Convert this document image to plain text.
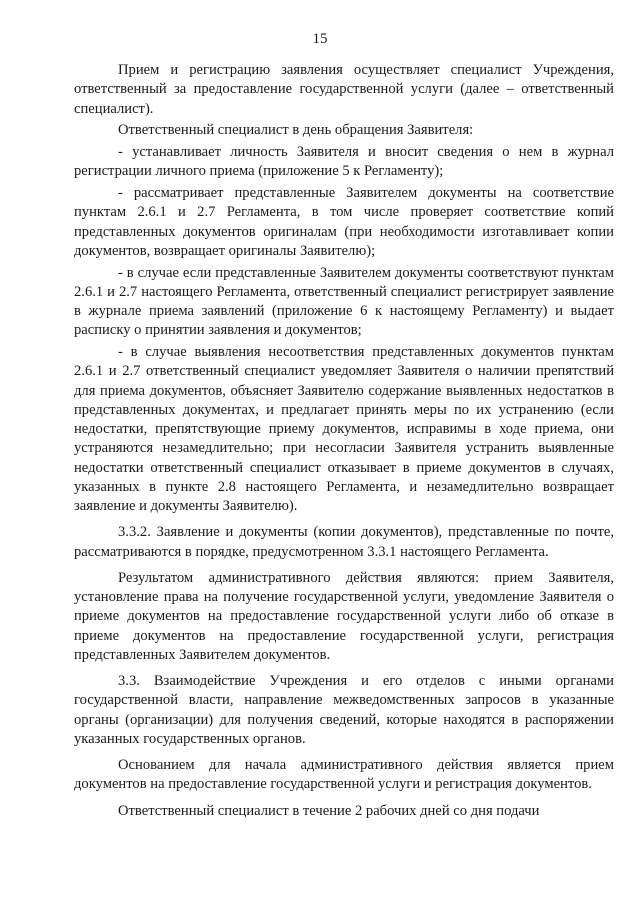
15

Прием и регистрацию заявления осуществляет специалист Учреждения, ответственный за предоставление государственной услуги (далее – ответственный специалист).

Ответственный специалист в день обращения Заявителя:

- устанавливает личность Заявителя и вносит сведения о нем в журнал регистрации личного приема (приложение 5 к Регламенту);

- рассматривает представленные Заявителем документы на соответствие пунктам 2.6.1 и 2.7 Регламента, в том числе проверяет соответствие копий представленных документов оригиналам (при необходимости изготавливает копии документов, возвращает оригиналы Заявителю);

- в случае если представленные Заявителем документы соответствуют пунктам 2.6.1 и 2.7 настоящего Регламента, ответственный специалист регистрирует заявление в журнале приема заявлений (приложение 6 к настоящему Регламенту) и выдает расписку о принятии заявления и документов;

- в случае выявления несоответствия представленных документов пунктам 2.6.1 и 2.7 ответственный специалист уведомляет Заявителя о наличии препятствий для приема документов, объясняет Заявителю содержание выявленных недостатков в представленных документах, и предлагает принять меры по их устранению (если недостатки, препятствующие приему документов, исправимы в ходе приема, они устраняются незамедлительно; при несогласии Заявителя устранить выявленные недостатки ответственный специалист отказывает в приеме документов в случаях, указанных в пункте 2.8 настоящего Регламента, и незамедлительно возвращает заявление и документы Заявителю).

3.3.2. Заявление и документы (копии документов), представленные по почте, рассматриваются в порядке, предусмотренном 3.3.1 настоящего Регламента.

Результатом административного действия являются: прием Заявителя, установление права на получение государственной услуги, уведомление Заявителя о приеме документов на предоставление государственной услуги либо об отказе в приеме документов на предоставление государственной услуги, регистрация представленных Заявителем документов.

3.3. Взаимодействие Учреждения и его отделов с иными органами государственной власти, направление межведомственных запросов в указанные органы (организации) для получения сведений, которые находятся в распоряжении указанных государственных органов.

Основанием для начала административного действия является прием документов на предоставление государственной услуги и регистрация документов.

Ответственный специалист в течение 2 рабочих дней со дня подачи
